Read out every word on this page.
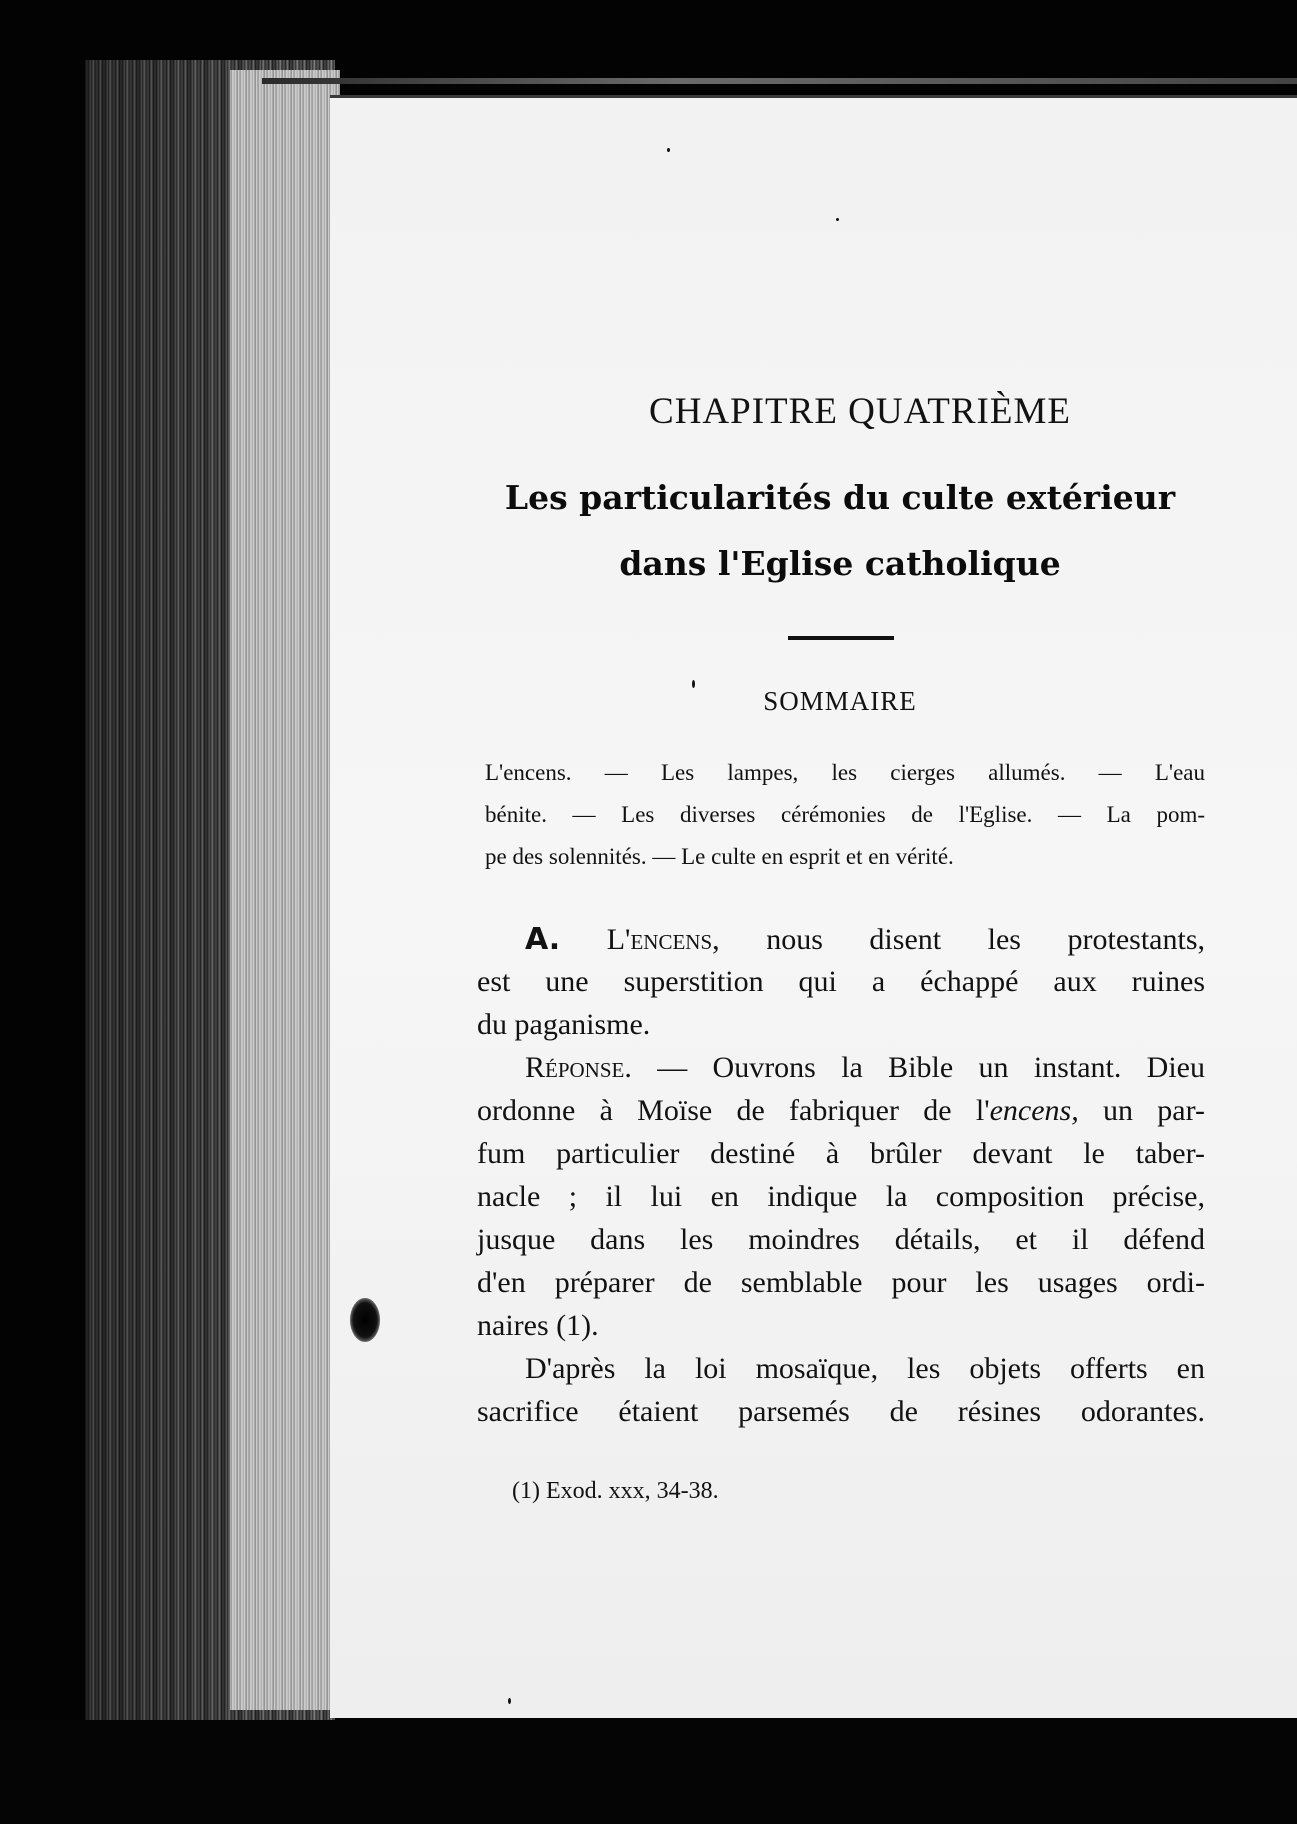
CHAPITRE QUATRIÈME
Les particularités du culte extérieur
dans l'Eglise catholique
SOMMAIRE
L'encens. — Les lampes, les cierges allumés. — L'eau
bénite. — Les diverses cérémonies de l'Eglise. — La pom-
pe des solennités. — Le culte en esprit et en vérité.
A. L'encens, nous disent les protestants,
est une superstition qui a échappé aux ruines
du paganisme.
Réponse. — Ouvrons la Bible un instant. Dieu
ordonne à Moïse de fabriquer de l'encens, un par-
fum particulier destiné à brûler devant le taber-
nacle ; il lui en indique la composition précise,
jusque dans les moindres détails, et il défend
d'en préparer de semblable pour les usages ordi-
naires (1).
D'après la loi mosaïque, les objets offerts en
sacrifice étaient parsemés de résines odorantes.
(1) Exod. xxx, 34-38.
